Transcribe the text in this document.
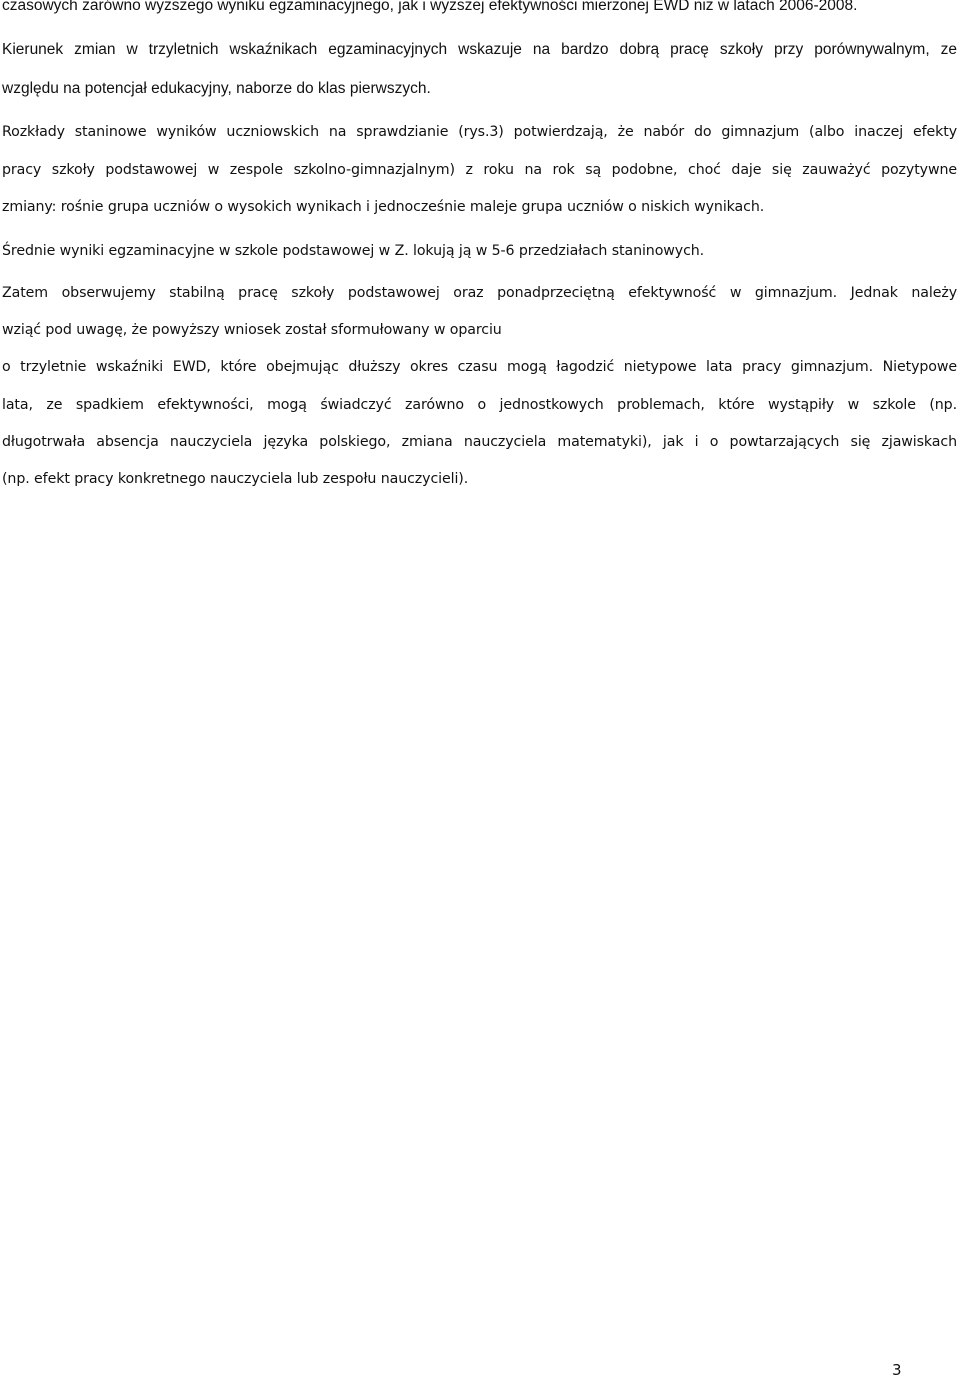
czasowych zarówno wyższego wyniku egzaminacyjnego, jak i wyższej efektywności mierzonej EWD niż w latach 2006-2008.
Kierunek zmian w trzyletnich wskaźnikach egzaminacyjnych wskazuje na bardzo dobrą pracę szkoły przy porównywalnym, ze
względu na potencjał edukacyjny, naborze do klas pierwszych.
Rozkłady staninowe wyników uczniowskich na sprawdzianie (rys.3) potwierdzają, że nabór do gimnazjum (albo inaczej efekty
pracy szkoły podstawowej w zespole szkolno-gimnazjalnym) z roku na rok są podobne, choć daje się zauważyć pozytywne
zmiany: rośnie grupa uczniów o wysokich wynikach i jednocześnie maleje grupa uczniów o niskich wynikach.
Średnie wyniki egzaminacyjne w szkole podstawowej w Z. lokują ją w 5-6 przedziałach staninowych.
Zatem obserwujemy stabilną pracę szkoły podstawowej oraz ponadprzeciętną efektywność w gimnazjum. Jednak należy
wziąć pod uwagę, że powyższy wniosek został sformułowany w oparciu
o trzyletnie wskaźniki EWD, które obejmując dłuższy okres czasu mogą łagodzić nietypowe lata pracy gimnazjum. Nietypowe
lata, ze spadkiem efektywności, mogą świadczyć zarówno o jednostkowych problemach, które wystąpiły w szkole (np.
długotrwała absencja nauczyciela języka polskiego, zmiana nauczyciela matematyki), jak i o powtarzających się zjawiskach
(np. efekt pracy konkretnego nauczyciela lub zespołu nauczycieli).
3
